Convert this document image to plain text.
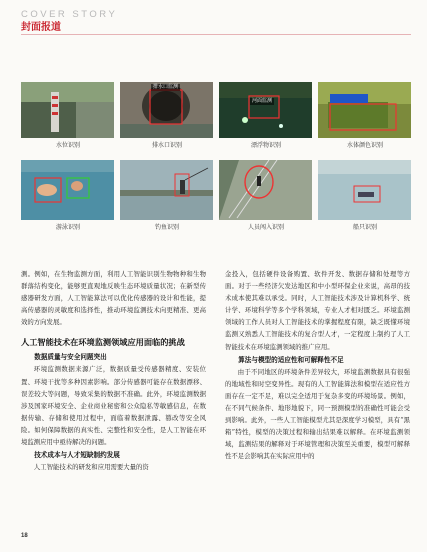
COVER STORY
封面报道
排水口监测
河面监测
水位识别	排水口识别	漂浮物识别	水体颜色识别
游泳识别	钓鱼识别	人员闯入识别	船只识别

测。例如，在生物监测方面，利用人工智能识别生物物种和生物群落结构变化，能够更直观地反映生态环境质量状况；在新型传感器研发方面，人工智能算法可以优化传感器的设计和性能，提高传感器的灵敏度和选择性，推动环境监测技术向更精准、更高效的方向发展。

人工智能技术在环境监测领域应用面临的挑战
数据质量与安全问题突出

环境监测数据来源广泛，数据质量受传感器精度、安装位置、环境干扰等多种因素影响。部分传感器可能存在数据漂移、误差较大等问题，导致采集的数据不准确。此外，环境监测数据涉及国家环境安全、企业商业秘密和公众隐私等敏感信息，在数据传输、存储和使用过程中，面临着数据泄露、篡改等安全风险。如何保障数据的真实性、完整性和安全性，是人工智能在环境监测应用中亟待解决的问题。

技术成本与人才短缺制约发展

人工智能技术的研发和应用需要大量的资

金投入，包括硬件设备购置、软件开发、数据存储和处理等方面。对于一些经济欠发达地区和中小型环保企业来说，高昂的技术成本使其难以承受。同时，人工智能技术涉及计算机科学、统计学、环境科学等多个学科领域，专业人才相对匮乏。环境监测领域的工作人员对人工智能技术的掌握程度有限，缺乏既懂环境监测又熟悉人工智能技术的复合型人才，一定程度上制约了人工智能技术在环境监测领域的推广应用。

算法与模型的适应性和可解释性不足

由于不同地区的环境条件差异较大，环境监测数据具有很强的地域性和时空变异性。现有的人工智能算法和模型在适应性方面存在一定不足，难以完全适用于复杂多变的环境场景。例如，在不同气候条件、地形地貌下，同一预测模型的准确性可能会受到影响。此外，一些人工智能模型尤其是深度学习模型，具有“黑箱”特性，模型的决策过程和输出结果难以解释。在环境监测领域，监测结果的解释对于环境管理和决策至关重要，模型可解释性不足会影响其在实际应用中的

18
